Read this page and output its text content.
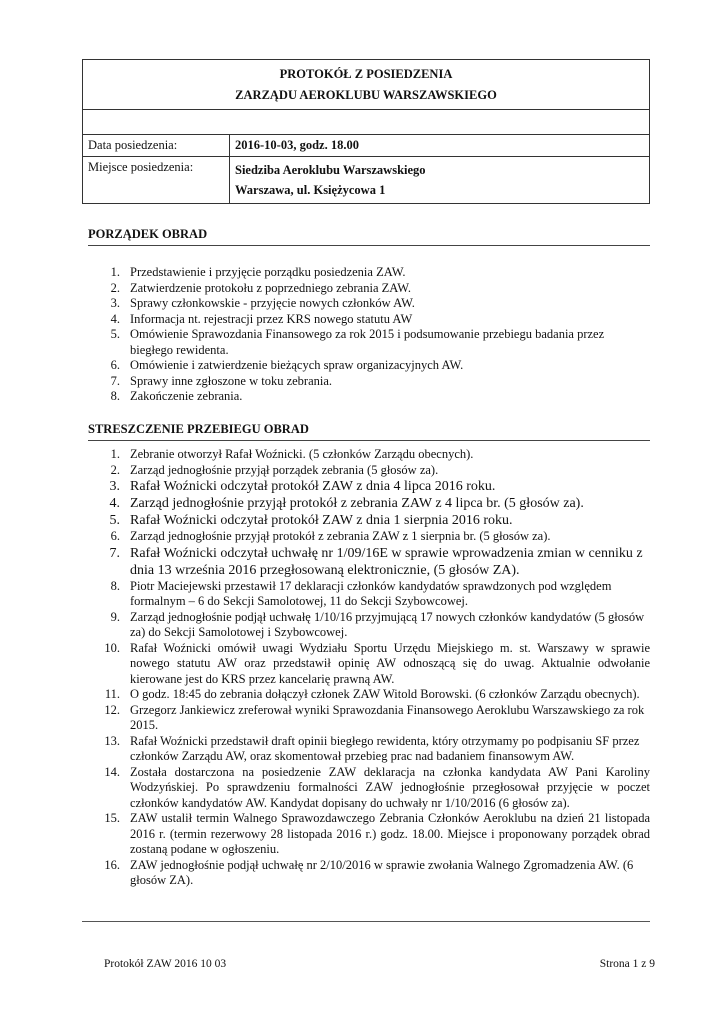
PROTOKÓŁ Z POSIEDZENIA
ZARZĄDU AEROKLUBU WARSZAWSKIEGO	

Data posiedzenia:	2016-10-03, godz. 18.00
Miejsce posiedzenia:	Siedziba Aeroklubu Warszawskiego
Warszawa, ul. Księżycowa 1
PORZĄDEK OBRAD
1. Przedstawienie i przyjęcie porządku posiedzenia ZAW.
2. Zatwierdzenie protokołu z poprzedniego zebrania ZAW.
3. Sprawy członkowskie - przyjęcie nowych członków AW.
4. Informacja nt. rejestracji przez KRS nowego statutu AW
5. Omówienie Sprawozdania Finansowego za rok 2015 i podsumowanie przebiegu badania przez biegłego rewidenta.
6. Omówienie i zatwierdzenie bieżących spraw organizacyjnych AW.
7. Sprawy inne zgłoszone w toku zebrania.
8. Zakończenie zebrania.
STRESZCZENIE PRZEBIEGU OBRAD
1. Zebranie otworzył Rafał Woźnicki. (5 członków Zarządu obecnych).
2. Zarząd jednogłośnie przyjął porządek zebrania (5 głosów za).
3. Rafał Woźnicki odczytał protokół ZAW z dnia 4 lipca 2016 roku.
4. Zarząd jednogłośnie przyjął protokół z zebrania ZAW z 4 lipca br. (5 głosów za).
5. Rafał Woźnicki odczytał protokół ZAW z dnia 1 sierpnia 2016 roku.
6. Zarząd jednogłośnie przyjął protokół z zebrania ZAW z 1 sierpnia br. (5 głosów za).
7. Rafał Woźnicki odczytał uchwałę nr 1/09/16E w sprawie wprowadzenia zmian w cenniku z dnia 13 września 2016 przegłosowaną elektronicznie, (5 głosów ZA).
8. Piotr Maciejewski przestawił 17 deklaracji członków kandydatów sprawdzonych pod względem formalnym – 6 do Sekcji Samolotowej, 11 do Sekcji Szybowcowej.
9. Zarząd jednogłośnie podjął uchwałę 1/10/16 przyjmującą 17 nowych członków kandydatów (5 głosów za) do Sekcji Samolotowej i Szybowcowej.
10. Rafał Woźnicki omówił uwagi Wydziału Sportu Urzędu Miejskiego m. st. Warszawy w sprawie nowego statutu AW oraz przedstawił opinię AW odnoszącą się do uwag. Aktualnie odwołanie kierowane jest do KRS przez kancelarię prawną AW.
11. O godz. 18:45 do zebrania dołączył członek ZAW Witold Borowski. (6 członków Zarządu obecnych).
12. Grzegorz Jankiewicz zreferował wyniki Sprawozdania Finansowego Aeroklubu Warszawskiego za rok 2015.
13. Rafał Woźnicki przedstawił draft opinii biegłego rewidenta, który otrzymamy po podpisaniu SF przez członków Zarządu AW, oraz skomentował przebieg prac nad badaniem finansowym AW.
14. Została dostarczona na posiedzenie ZAW deklaracja na członka kandydata AW Pani Karoliny Wodzyńskiej. Po sprawdzeniu formalności ZAW jednogłośnie przegłosował przyjęcie w poczet członków kandydatów AW. Kandydat dopisany do uchwały nr 1/10/2016 (6 głosów za).
15. ZAW ustalił termin Walnego Sprawozdawczego Zebrania Członków Aeroklubu na dzień 21 listopada 2016 r. (termin rezerwowy 28 listopada 2016 r.) godz. 18.00. Miejsce i proponowany porządek obrad zostaną podane w ogłoszeniu.
16. ZAW jednogłośnie podjął uchwałę nr 2/10/2016 w sprawie zwołania Walnego Zgromadzenia AW. (6 głosów ZA).
Protokół ZAW 2016 10 03	Strona 1 z 9
